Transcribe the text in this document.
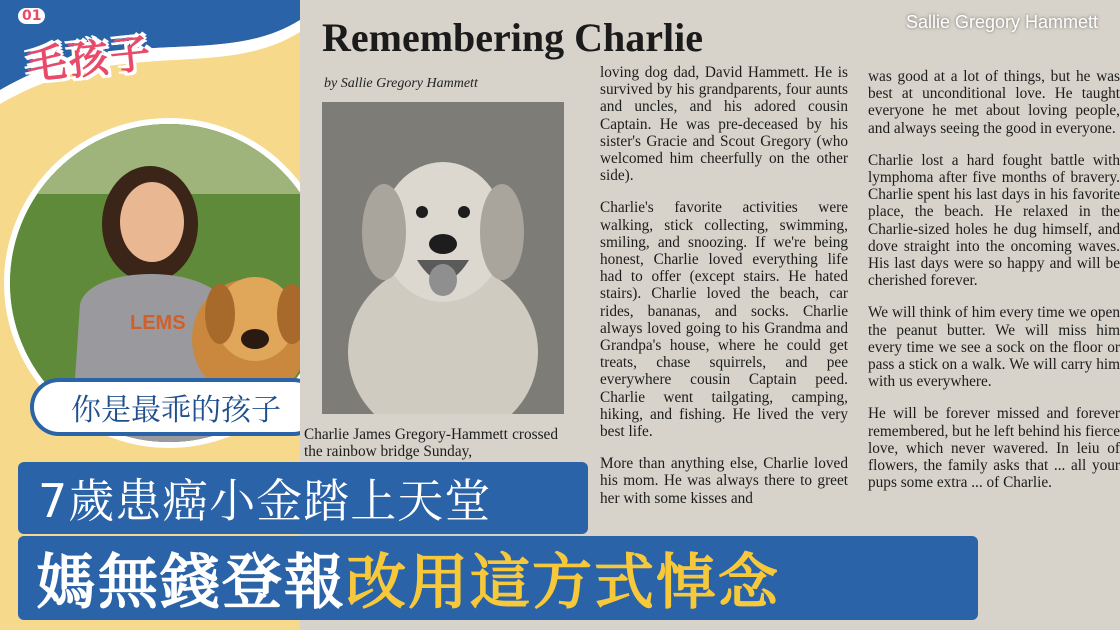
01
毛孩子
LEMS
你是最乖的孩子
Remembering Charlie
by Sallie Gregory Hammett
Sallie Gregory Hammett

Charlie James Gregory-Hammett crossed the rainbow bridge Sunday,

loving dog dad, David Hammett. He is survived by his grandparents, four aunts and uncles, and his adored cousin Captain. He was pre-deceased by his sister's Gracie and Scout Gregory (who welcomed him cheerfully on the other side).

Charlie's favorite activities were walking, stick collecting, swimming, smiling, and snoozing. If we're being honest, Charlie loved everything life had to offer (except stairs. He hated stairs). Charlie loved the beach, car rides, bananas, and socks. Charlie always loved going to his Grandma and Grandpa's house, where he could get treats, chase squirrels, and pee everywhere cousin Captain peed. Charlie went tailgating, camping, hiking, and fishing. He lived the very best life.

More than anything else, Charlie loved his mom. He was always there to greet her with some kisses and

was good at a lot of things, but he was best at unconditional love. He taught everyone he met about loving people, and always seeing the good in everyone.

Charlie lost a hard fought battle with lymphoma after five months of bravery. Charlie spent his last days in his favorite place, the beach. He relaxed in the Charlie-sized holes he dug himself, and dove straight into the oncoming waves. His last days were so happy and will be cherished forever.

We will think of him every time we open the peanut butter. We will miss him every time we see a sock on the floor or pass a stick on a walk. We will carry him with us everywhere.

He will be forever missed and forever remembered, but he left behind his fierce love, which never wavered. In leiu of flowers, the family asks that ... all your pups some extra ... of Charlie.

7歲患癌小金踏上天堂
媽無錢登報 改用這方式悼念
